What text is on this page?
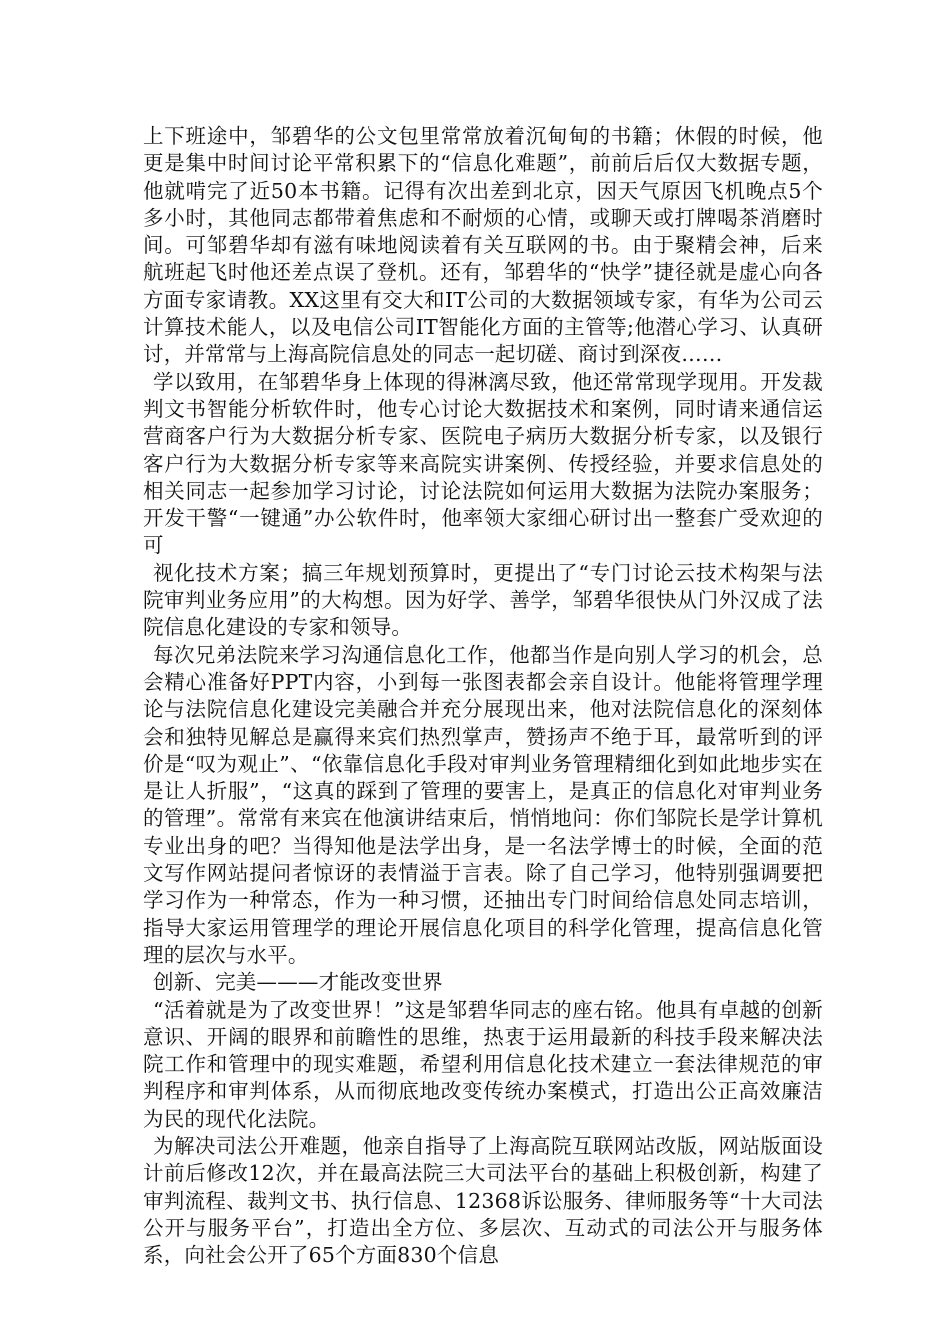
上下班途中，邹碧华的公文包里常常放着沉甸甸的书籍；休假的时候，他更是集中时间讨论平常积累下的“信息化难题”，前前后后仅大数据专题，他就啃完了近50本书籍。记得有次出差到北京，因天气原因飞机晚点5个多小时，其他同志都带着焦虑和不耐烦的心情，或聊天或打牌喝茶消磨时间。可邹碧华却有滋有味地阅读着有关互联网的书。由于聚精会神，后来航班起飞时他还差点误了登机。还有，邹碧华的“快学”捷径就是虚心向各方面专家请教。XX这里有交大和IT公司的大数据领域专家，有华为公司云计算技术能人，以及电信公司IT智能化方面的主管等;他潜心学习、认真研讨，并常常与上海高院信息处的同志一起切磋、商讨到深夜……

学以致用，在邹碧华身上体现的得淋漓尽致，他还常常现学现用。开发裁判文书智能分析软件时，他专心讨论大数据技术和案例，同时请来通信运营商客户行为大数据分析专家、医院电子病历大数据分析专家，以及银行客户行为大数据分析专家等来高院实讲案例、传授经验，并要求信息处的相关同志一起参加学习讨论，讨论法院如何运用大数据为法院办案服务；开发干警“一键通”办公软件时，他率领大家细心研讨出一整套广受欢迎的可

视化技术方案；搞三年规划预算时，更提出了“专门讨论云技术构架与法院审判业务应用”的大构想。因为好学、善学，邹碧华很快从门外汉成了法院信息化建设的专家和领导。

每次兄弟法院来学习沟通信息化工作，他都当作是向别人学习的机会，总会精心准备好PPT内容，小到每一张图表都会亲自设计。他能将管理学理论与法院信息化建设完美融合并充分展现出来，他对法院信息化的深刻体会和独特见解总是赢得来宾们热烈掌声，赞扬声不绝于耳，最常听到的评价是“叹为观止”、“依靠信息化手段对审判业务管理精细化到如此地步实在是让人折服”，“这真的踩到了管理的要害上，是真正的信息化对审判业务的管理”。常常有来宾在他演讲结束后，悄悄地问：你们邹院长是学计算机专业出身的吧？当得知他是法学出身，是一名法学博士的时候，全面的范文写作网站提问者惊讶的表情溢于言表。除了自己学习，他特别强调要把学习作为一种常态，作为一种习惯，还抽出专门时间给信息处同志培训，指导大家运用管理学的理论开展信息化项目的科学化管理，提高信息化管理的层次与水平。

创新、完美———才能改变世界

“活着就是为了改变世界！”这是邹碧华同志的座右铭。他具有卓越的创新意识、开阔的眼界和前瞻性的思维，热衷于运用最新的科技手段来解决法院工作和管理中的现实难题，希望利用信息化技术建立一套法律规范的审判程序和审判体系，从而彻底地改变传统办案模式，打造出公正高效廉洁为民的现代化法院。

为解决司法公开难题，他亲自指导了上海高院互联网站改版，网站版面设计前后修改12次，并在最高法院三大司法平台的基础上积极创新，构建了审判流程、裁判文书、执行信息、12368诉讼服务、律师服务等“十大司法公开与服务平台”，打造出全方位、多层次、互动式的司法公开与服务体系，向社会公开了65个方面830个信息
